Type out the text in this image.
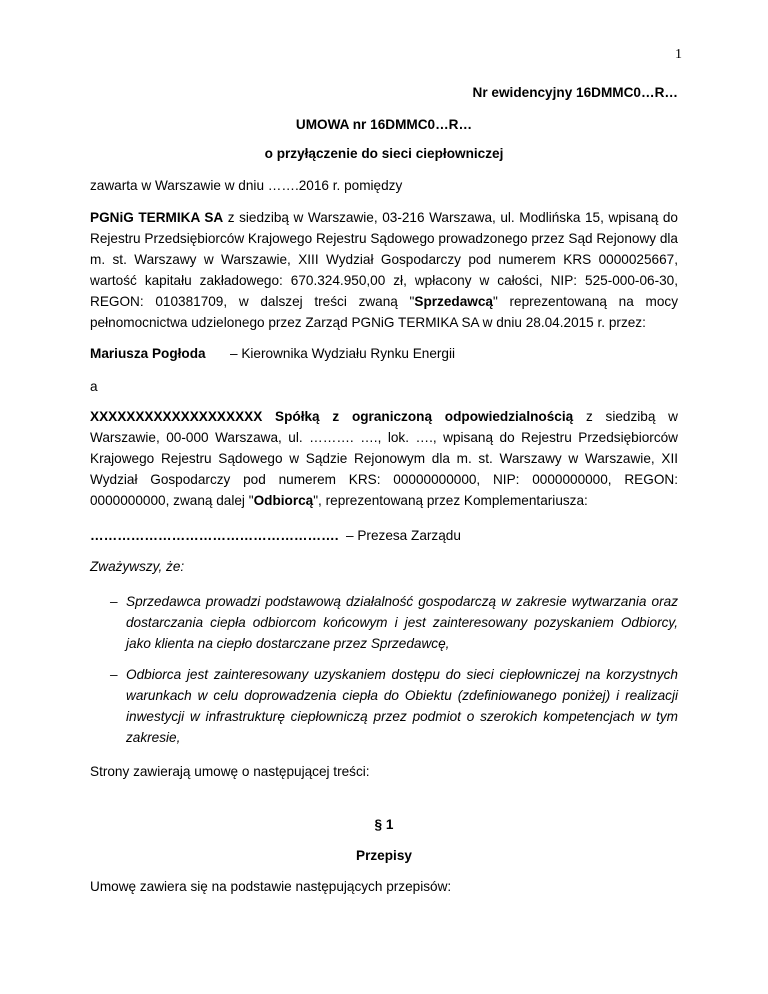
1
Nr ewidencyjny 16DMMC0…R…
UMOWA nr 16DMMC0…R…
o przyłączenie do sieci ciepłowniczej
zawarta w Warszawie w dniu …….2016 r. pomiędzy

PGNiG TERMIKA SA z siedzibą w Warszawie, 03-216 Warszawa, ul. Modlińska 15, wpisaną do Rejestru Przedsiębiorców Krajowego Rejestru Sądowego prowadzonego przez Sąd Rejonowy dla m. st. Warszawy w Warszawie, XIII Wydział Gospodarczy pod numerem KRS 0000025667, wartość kapitału zakładowego: 670.324.950,00 zł, wpłacony w całości, NIP: 525-000-06-30, REGON: 010381709, w dalszej treści zwaną "Sprzedawcą" reprezentowaną na mocy pełnomocnictwa udzielonego przez Zarząd PGNiG TERMIKA SA w dniu 28.04.2015 r. przez:

Mariusza Pogłoda – Kierownika Wydziału Rynku Energii
a

XXXXXXXXXXXXXXXXXXX Spółką z ograniczoną odpowiedzialnością z siedzibą w Warszawie, 00-000 Warszawa, ul. ………. …., lok. …., wpisaną do Rejestru Przedsiębiorców Krajowego Rejestru Sądowego w Sądzie Rejonowym dla m. st. Warszawy w Warszawie, XII Wydział Gospodarczy pod numerem KRS: 00000000000, NIP: 0000000000, REGON: 0000000000, zwaną dalej "Odbiorcą", reprezentowaną przez Komplementariusza:

………………………………………………. – Prezesa Zarządu
Zważywszy, że:

– Sprzedawca prowadzi podstawową działalność gospodarczą w zakresie wytwarzania oraz dostarczania ciepła odbiorcom końcowym i jest zainteresowany pozyskaniem Odbiorcy, jako klienta na ciepło dostarczane przez Sprzedawcę,

– Odbiorca jest zainteresowany uzyskaniem dostępu do sieci ciepłowniczej na korzystnych warunkach w celu doprowadzenia ciepła do Obiektu (zdefiniowanego poniżej) i realizacji inwestycji w infrastrukturę ciepłowniczą przez podmiot o szerokich kompetencjach w tym zakresie,

Strony zawierają umowę o następującej treści:
§ 1
Przepisy
Umowę zawiera się na podstawie następujących przepisów:
